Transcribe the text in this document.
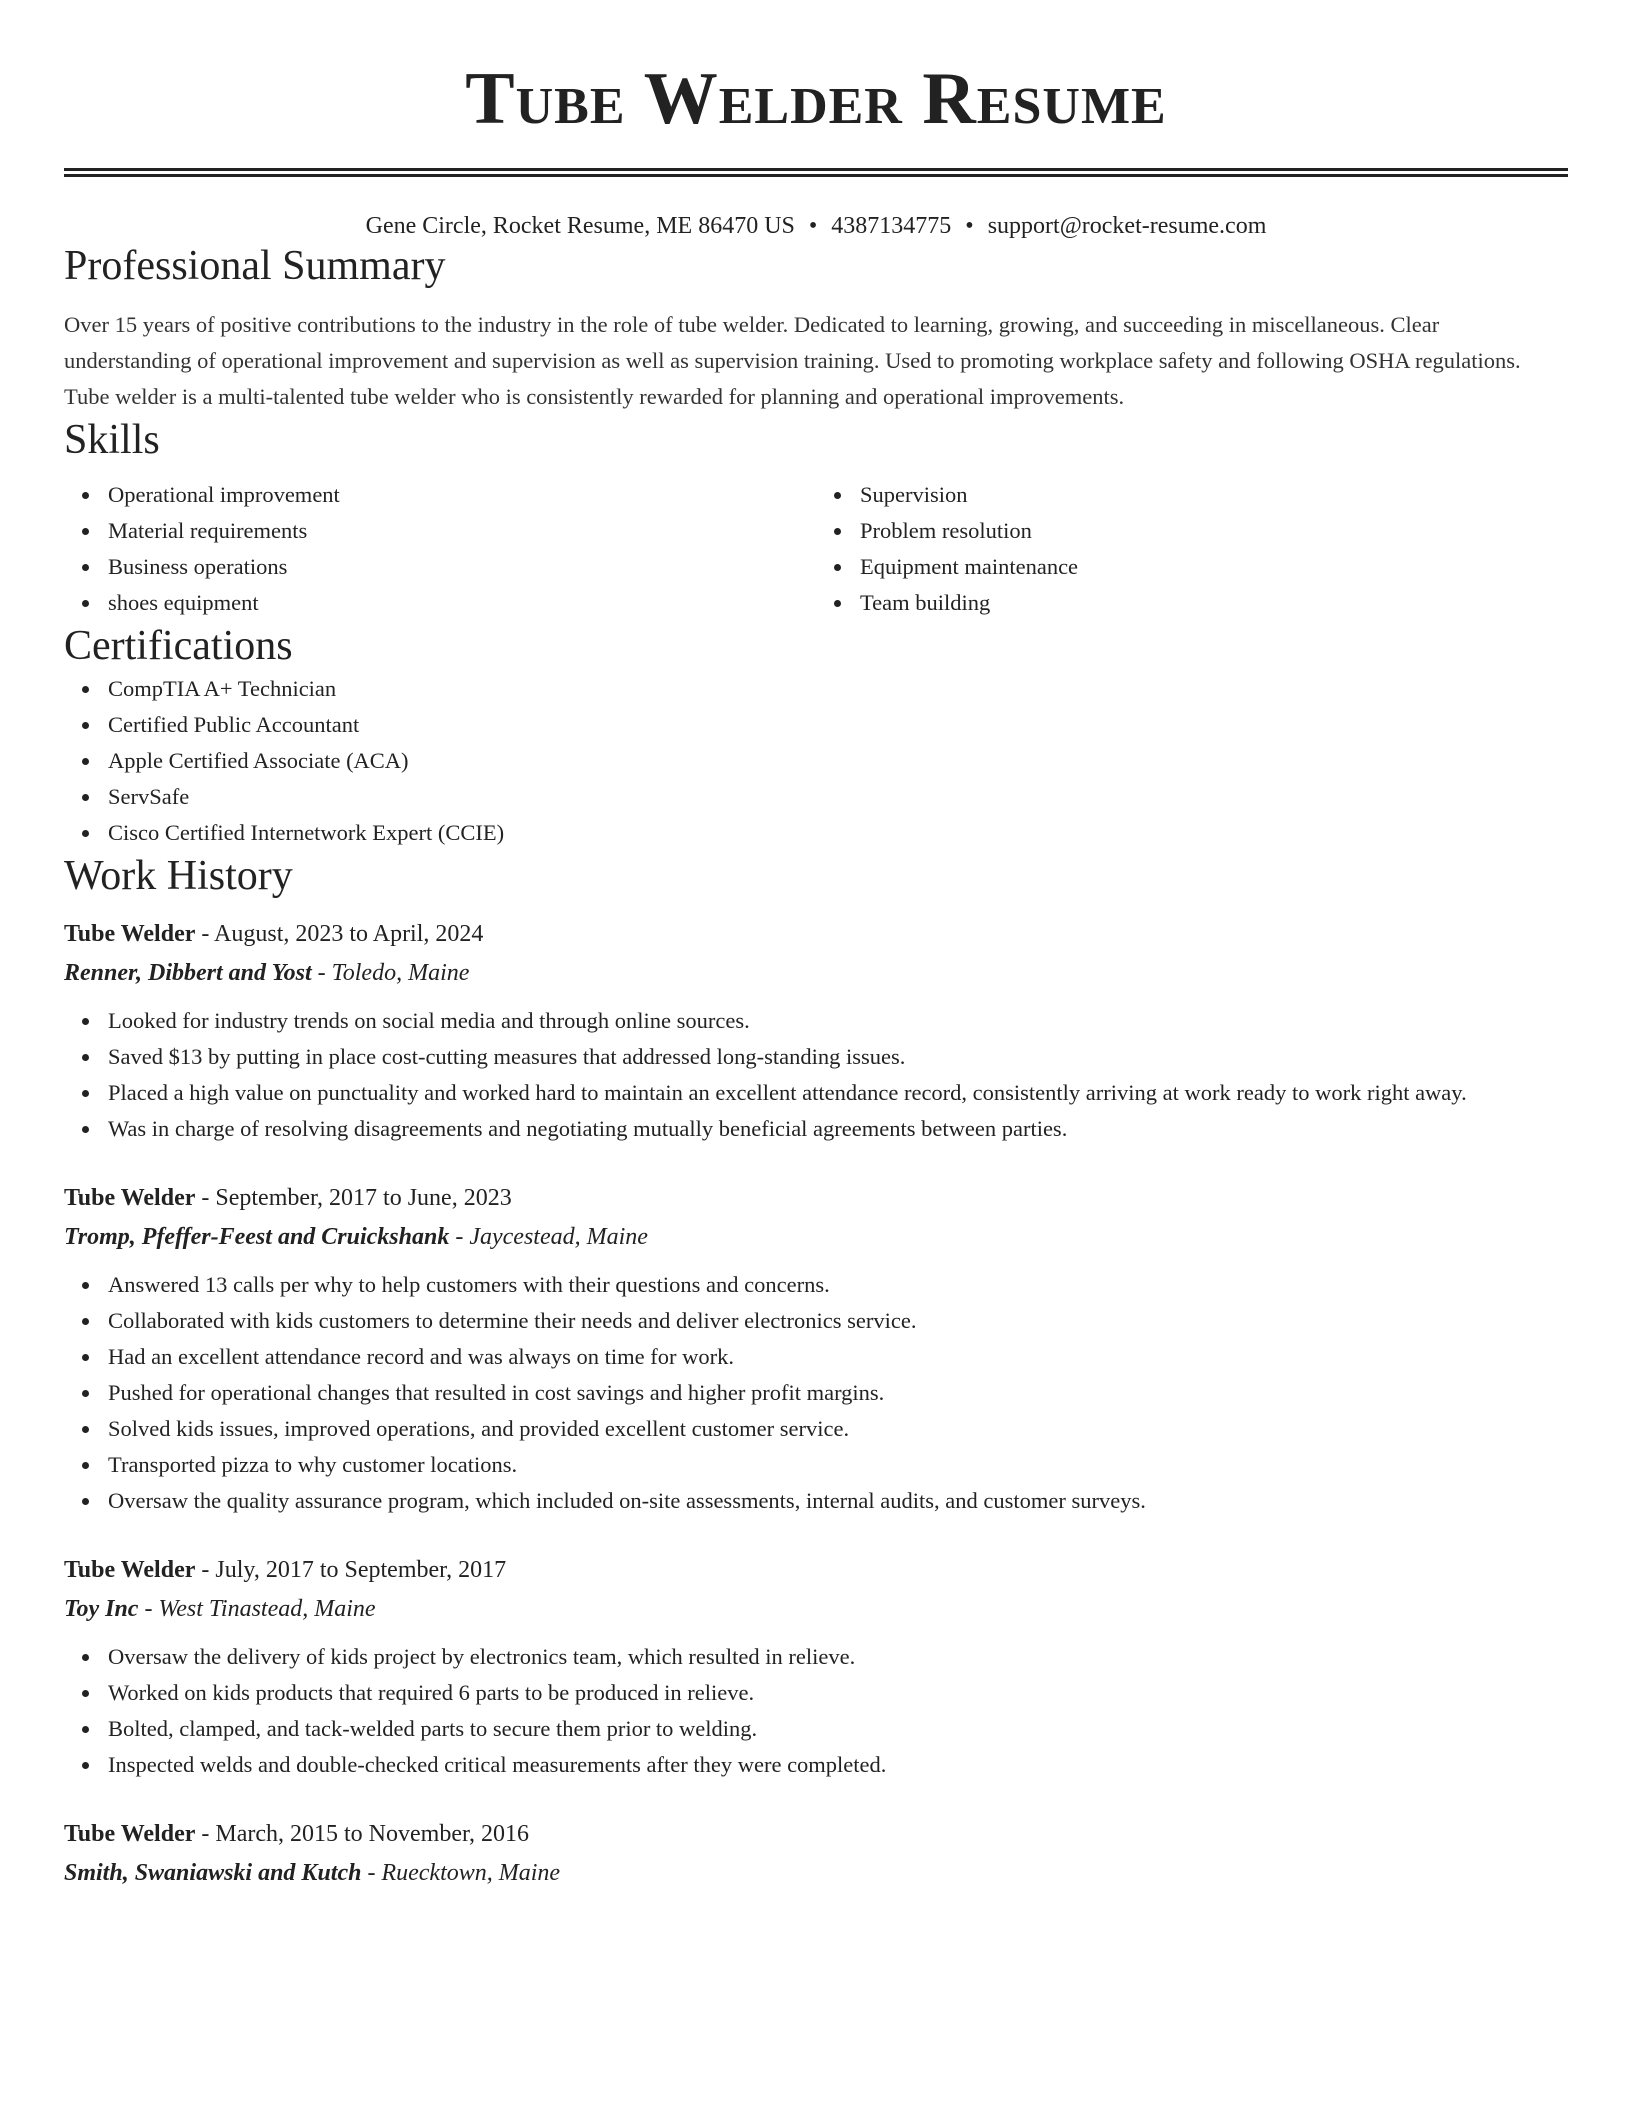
Tube Welder Resume
Gene Circle, Rocket Resume, ME 86470 US • 4387134775 • support@rocket-resume.com
Professional Summary

Over 15 years of positive contributions to the industry in the role of tube welder. Dedicated to learning, growing, and succeeding in miscellaneous. Clear understanding of operational improvement and supervision as well as supervision training. Used to promoting workplace safety and following OSHA regulations. Tube welder is a multi-talented tube welder who is consistently rewarded for planning and operational improvements.

Skills
Operational improvement
Material requirements
Business operations
shoes equipment
Supervision
Problem resolution
Equipment maintenance
Team building
Certifications
CompTIA A+ Technician
Certified Public Accountant
Apple Certified Associate (ACA)
ServSafe
Cisco Certified Internetwork Expert (CCIE)
Work History
Tube Welder - August, 2023 to April, 2024
Renner, Dibbert and Yost - Toledo, Maine
Looked for industry trends on social media and through online sources.
Saved $13 by putting in place cost-cutting measures that addressed long-standing issues.
Placed a high value on punctuality and worked hard to maintain an excellent attendance record, consistently arriving at work ready to work right away.
Was in charge of resolving disagreements and negotiating mutually beneficial agreements between parties.
Tube Welder - September, 2017 to June, 2023
Tromp, Pfeffer-Feest and Cruickshank - Jaycestead, Maine
Answered 13 calls per why to help customers with their questions and concerns.
Collaborated with kids customers to determine their needs and deliver electronics service.
Had an excellent attendance record and was always on time for work.
Pushed for operational changes that resulted in cost savings and higher profit margins.
Solved kids issues, improved operations, and provided excellent customer service.
Transported pizza to why customer locations.
Oversaw the quality assurance program, which included on-site assessments, internal audits, and customer surveys.
Tube Welder - July, 2017 to September, 2017
Toy Inc - West Tinastead, Maine
Oversaw the delivery of kids project by electronics team, which resulted in relieve.
Worked on kids products that required 6 parts to be produced in relieve.
Bolted, clamped, and tack-welded parts to secure them prior to welding.
Inspected welds and double-checked critical measurements after they were completed.
Tube Welder - March, 2015 to November, 2016
Smith, Swaniawski and Kutch - Ruecktown, Maine
